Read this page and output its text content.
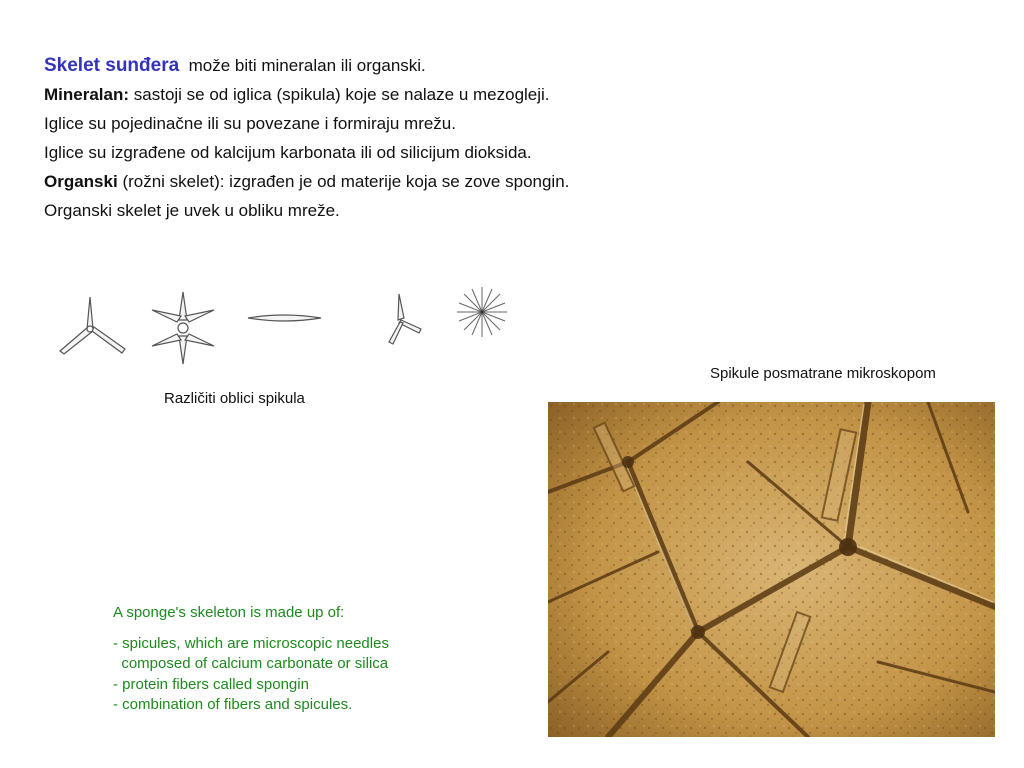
Skelet sunđera može biti mineralan ili organski.
Mineralan: sastoji se od iglica (spikula) koje se nalaze u mezogleji.
Iglice su pojedinačne ili su povezane i formiraju mrežu.
Iglice su izgrađene od kalcijum karbonata ili od silicijum dioksida.
Organski (rožni skelet): izgrađen je od materije koja se zove spongin.
Organski skelet je uvek u obliku mreže.
Različiti oblici spikula
Spikule posmatrane mikroskopom
A sponge's skeleton is made up of:
- spicules, which are microscopic needles
composed of calcium carbonate or silica
- protein fibers called spongin
- combination of fibers and spicules.
